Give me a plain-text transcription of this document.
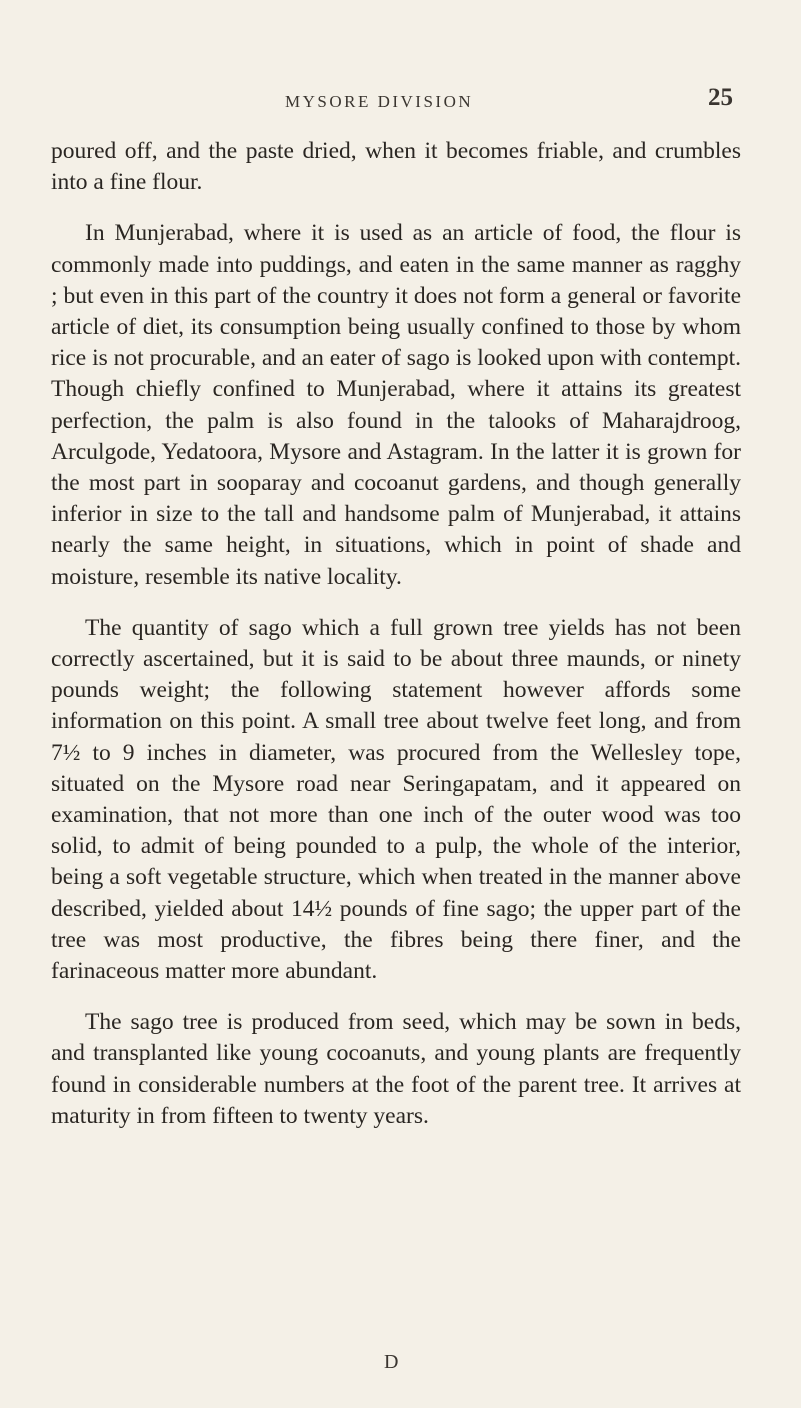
MYSORE DIVISION	25

poured off, and the paste dried, when it becomes friable, and crumbles into a fine flour.

In Munjerabad, where it is used as an article of food, the flour is commonly made into puddings, and eaten in the same manner as ragghy ; but even in this part of the country it does not form a general or favorite article of diet, its consumption being usually confined to those by whom rice is not procurable, and an eater of sago is looked upon with contempt. Though chiefly confined to Munjerabad, where it attains its greatest perfection, the palm is also found in the talooks of Maharajdroog, Arculgode, Yedatoora, Mysore and Astagram. In the latter it is grown for the most part in sooparay and cocoanut gardens, and though generally inferior in size to the tall and handsome palm of Munjerabad, it attains nearly the same height, in situations, which in point of shade and moisture, resemble its native locality.

The quantity of sago which a full grown tree yields has not been correctly ascertained, but it is said to be about three maunds, or ninety pounds weight; the following statement however affords some information on this point. A small tree about twelve feet long, and from 7½ to 9 inches in diameter, was procured from the Wellesley tope, situated on the Mysore road near Seringapatam, and it appeared on examination, that not more than one inch of the outer wood was too solid, to admit of being pounded to a pulp, the whole of the interior, being a soft vegetable structure, which when treated in the manner above described, yielded about 14½ pounds of fine sago; the upper part of the tree was most productive, the fibres being there finer, and the farinaceous matter more abundant.

The sago tree is produced from seed, which may be sown in beds, and transplanted like young cocoanuts, and young plants are frequently found in considerable numbers at the foot of the parent tree. It arrives at maturity in from fifteen to twenty years.

D
